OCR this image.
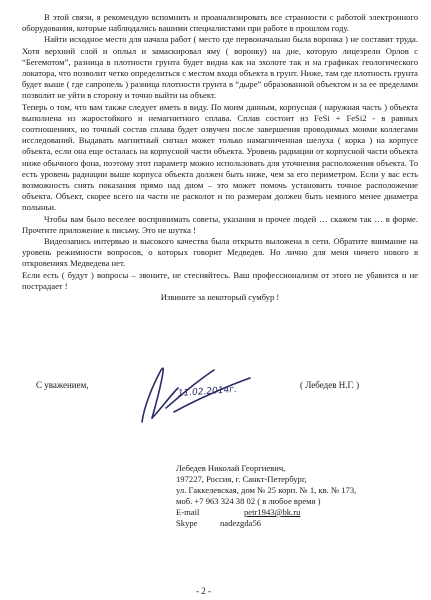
В этой связи, я рекомендую вспомнить и проанализировать все странности с работой электронного оборудования, которые наблюдались вашими специалистами при работе в прошлом году.

Найти исходное место для начала работ ( место где первоначально была воронка ) не составит труда. Хотя верхний слой и оплыл и замаскировал яму ( воронку) на дне, которую лицезрели Орлов с “Бегемотом”, разница в плотности грунта будет видна как на эхолоте так и на графиках геологического локатора, что позволит четко определиться с местом входа объекта в грунт. Ниже, там где плотность грунта будет выше ( где сапропель ) разница плотности грунта в “дыре” образованной объектом и за ее пределами позволит не уйти в сторону и точно выйти на объект.

Теперь о том, что вам также следует иметь в виду. По моим данным, корпусная ( наружная часть ) объекта выполнена из жаростойкого и немагнитного сплава. Сплав состоит из FeSi + FeSi2 - в равных соотношениях, но точный состав сплава будет озвучен после завершения проводимых моими коллегами исследований. Выдавать магнитный сигнал может только намагниченная шелуха ( корка ) на корпусе объекта, если она еще осталась на корпусной части объекта. Уровень радиации от корпусной части объекта ниже обычного фона, поэтому этот параметр можно использовать для уточнения расположения объекта. То есть уровень радиации выше корпуса объекта должен быть ниже, чем за его периметром. Если у вас есть возможность снять показания прямо над дном – это может помочь установить точное расположение объекта. Объект, скорее всего на части не расколот и по размерам должен быть немного менее диаметра полыньи.

Чтобы вам было веселее воспринимать советы, указания и прочее людей … скажем так … в форме. Прочтите приложение к письму. Это не шутка !

Видеозапись интервью и высокого качества была открыто выложена в сети. Обратите внимание на уровень режимности вопросов, о которых говорит Медведев. Но лично для меня ничего нового в откровениях Медведева нет.

Если есть ( будут ) вопросы – звоните, не стесняйтесь. Ваш профессионализм от этого не убавится и не пострадает !

Извините за некоторый сумбур !

С уважением,	( Лебедев Н.Г. )
11.02.2014г.
Лебедев Николай Георгиевич,
197227, Россия, г. Санкт-Петербург,
ул. Гаккелевская, дом № 25 корп. № 1, кв. № 173,
моб. +7 963 324 38 02 ( в любое время )
E-mail	petr1943@bk.ru
Skype	nadezgda56
- 2 -
